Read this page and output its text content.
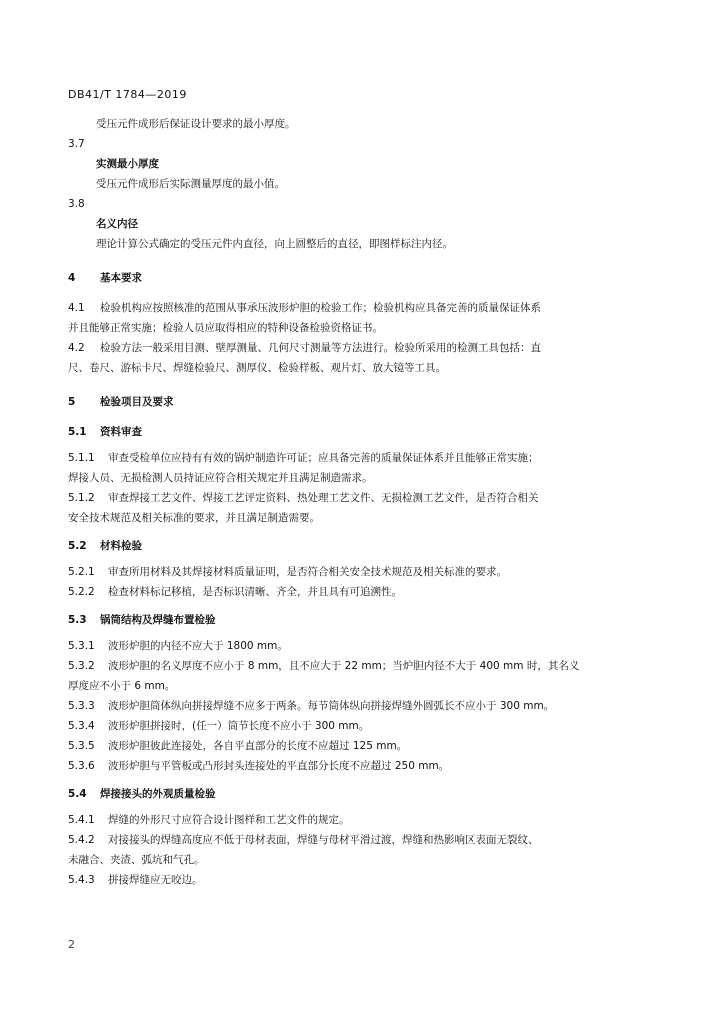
DB41/T 1784—2019

受压元件成形后保证设计要求的最小厚度。

3.7

实测最小厚度

受压元件成形后实际测量厚度的最小值。

3.8

名义内径

理论计算公式确定的受压元件内直径，向上圆整后的直径，即图样标注内径。

4 基本要求

4.1 检验机构应按照核准的范围从事承压波形炉胆的检验工作；检验机构应具备完善的质量保证体系

并且能够正常实施；检验人员应取得相应的特种设备检验资格证书。

4.2 检验方法一般采用目测、壁厚测量、几何尺寸测量等方法进行。检验所采用的检测工具包括：直

尺、卷尺、游标卡尺、焊缝检验尺、测厚仪、检验样板、观片灯、放大镜等工具。

5 检验项目及要求

5.1 资料审查

5.1.1 审查受检单位应持有有效的锅炉制造许可证；应具备完善的质量保证体系并且能够正常实施；

焊接人员、无损检测人员持证应符合相关规定并且满足制造需求。

5.1.2 审查焊接工艺文件、焊接工艺评定资料、热处理工艺文件、无损检测工艺文件，是否符合相关

安全技术规范及相关标准的要求，并且满足制造需要。

5.2 材料检验

5.2.1 审查所用材料及其焊接材料质量证明，是否符合相关安全技术规范及相关标准的要求。

5.2.2 检查材料标记移植，是否标识清晰、齐全，并且具有可追溯性。

5.3 锅筒结构及焊缝布置检验

5.3.1 波形炉胆的内径不应大于 1800 mm。

5.3.2 波形炉胆的名义厚度不应小于 8 mm，且不应大于 22 mm；当炉胆内径不大于 400 mm 时，其名义

厚度应不小于 6 mm。

5.3.3 波形炉胆筒体纵向拼接焊缝不应多于两条。每节筒体纵向拼接焊缝外圆弧长不应小于 300 mm。

5.3.4 波形炉胆拼接时，(任一）筒节长度不应小于 300 mm。

5.3.5 波形炉胆彼此连接处，各自平直部分的长度不应超过 125 mm。

5.3.6 波形炉胆与平管板或凸形封头连接处的平直部分长度不应超过 250 mm。

5.4 焊接接头的外观质量检验

5.4.1 焊缝的外形尺寸应符合设计图样和工艺文件的规定。

5.4.2 对接接头的焊缝高度应不低于母材表面，焊缝与母材平滑过渡，焊缝和热影响区表面无裂纹、

未融合、夹渣、弧坑和气孔。

5.4.3 拼接焊缝应无咬边。

2
